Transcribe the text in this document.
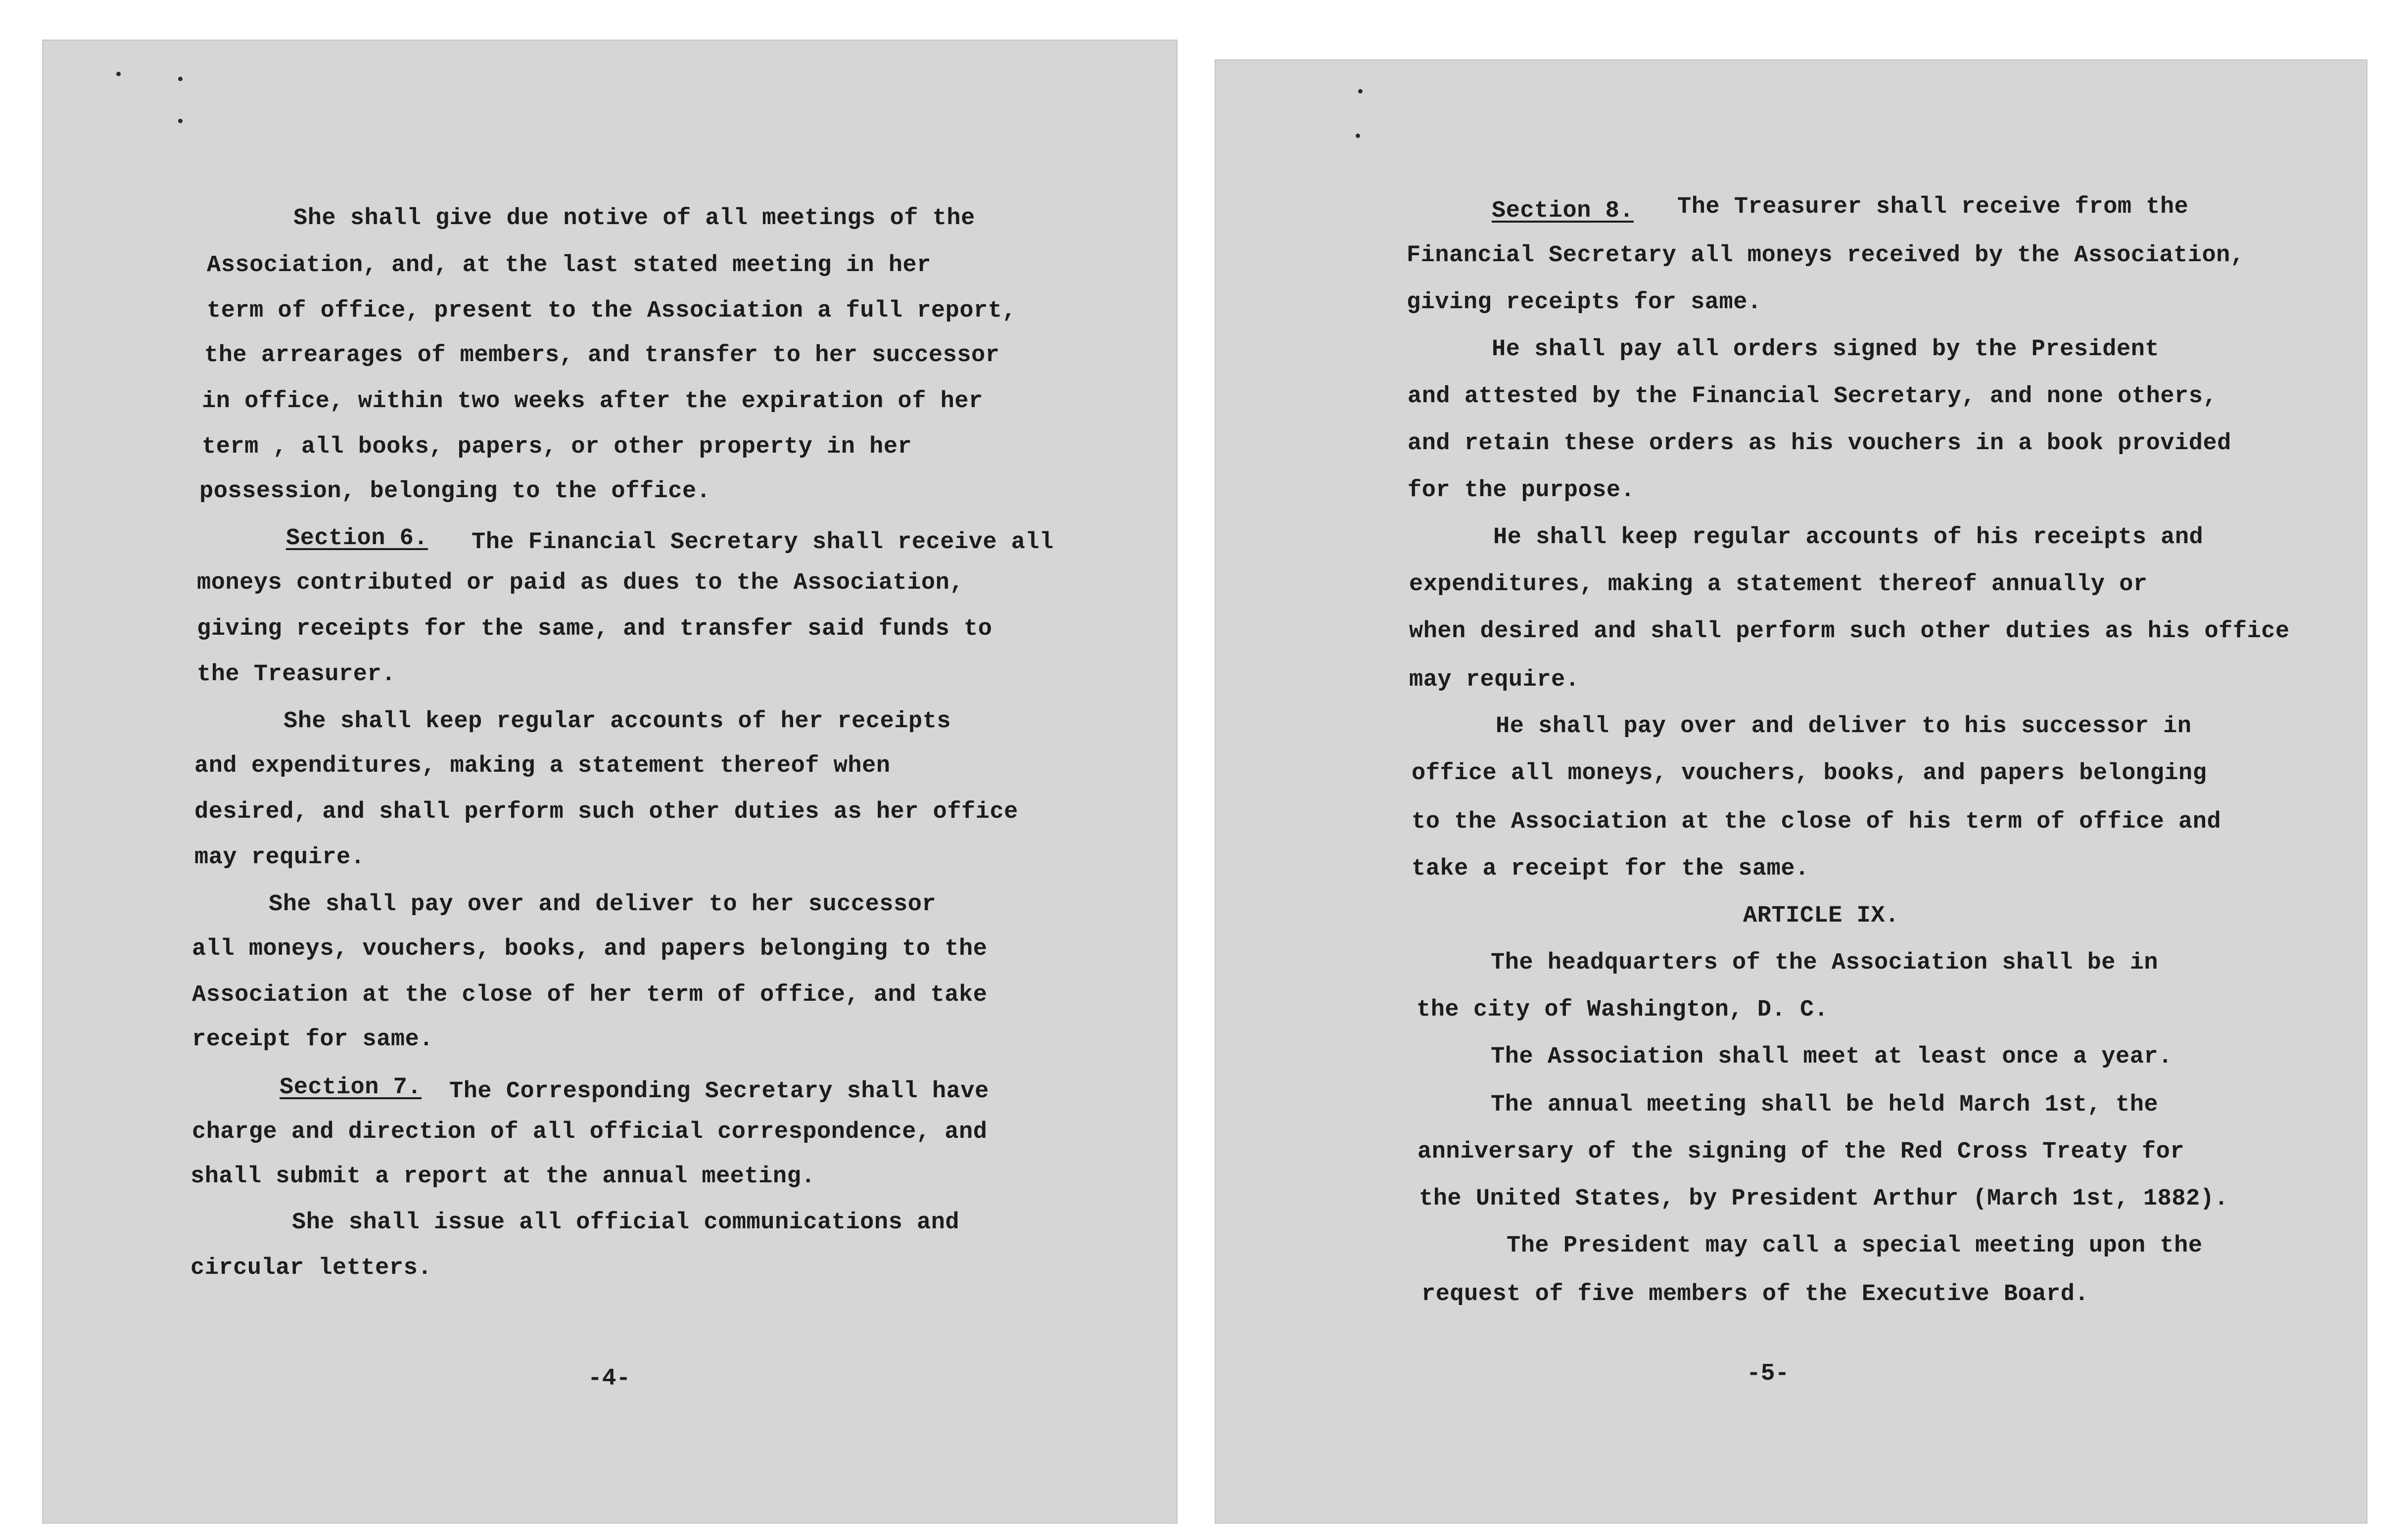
She shall give due notive of all meetings of the
Association, and, at the last stated meeting in her
term of office, present to the Association a full report,
the arrearages of members, and transfer to her successor
in office, within two weeks after the expiration of her
term , all books, papers, or other property in her
possession, belonging to the office.
Section 6. The Financial Secretary shall receive all
moneys contributed or paid as dues to the Association,
giving receipts for the same, and transfer said funds to
the Treasurer.
She shall keep regular accounts of her receipts
and expenditures, making a statement thereof when
desired, and shall perform such other duties as her office
may require.
She shall pay over and deliver to her successor
all moneys, vouchers, books, and papers belonging to the
Association at the close of her term of office, and take
receipt for same.
Section 7. The Corresponding Secretary shall have
charge and direction of all official correspondence, and
shall submit a report at the annual meeting.
She shall issue all official communications and
circular letters.
-4-
Section 8. The Treasurer shall receive from the
Financial Secretary all moneys received by the Association,
giving receipts for same.
He shall pay all orders signed by the President
and attested by the Financial Secretary, and none others,
and retain these orders as his vouchers in a book provided
for the purpose.
He shall keep regular accounts of his receipts and
expenditures, making a statement thereof annually or
when desired and shall perform such other duties as his office
may require.
He shall pay over and deliver to his successor in
office all moneys, vouchers, books, and papers belonging
to the Association at the close of his term of office and
take a receipt for the same.
ARTICLE IX.
The headquarters of the Association shall be in
the city of Washington, D. C.
The Association shall meet at least once a year.
The annual meeting shall be held March 1st, the
anniversary of the signing of the Red Cross Treaty for
the United States, by President Arthur (March 1st, 1882).
The President may call a special meeting upon the
request of five members of the Executive Board.
-5-
